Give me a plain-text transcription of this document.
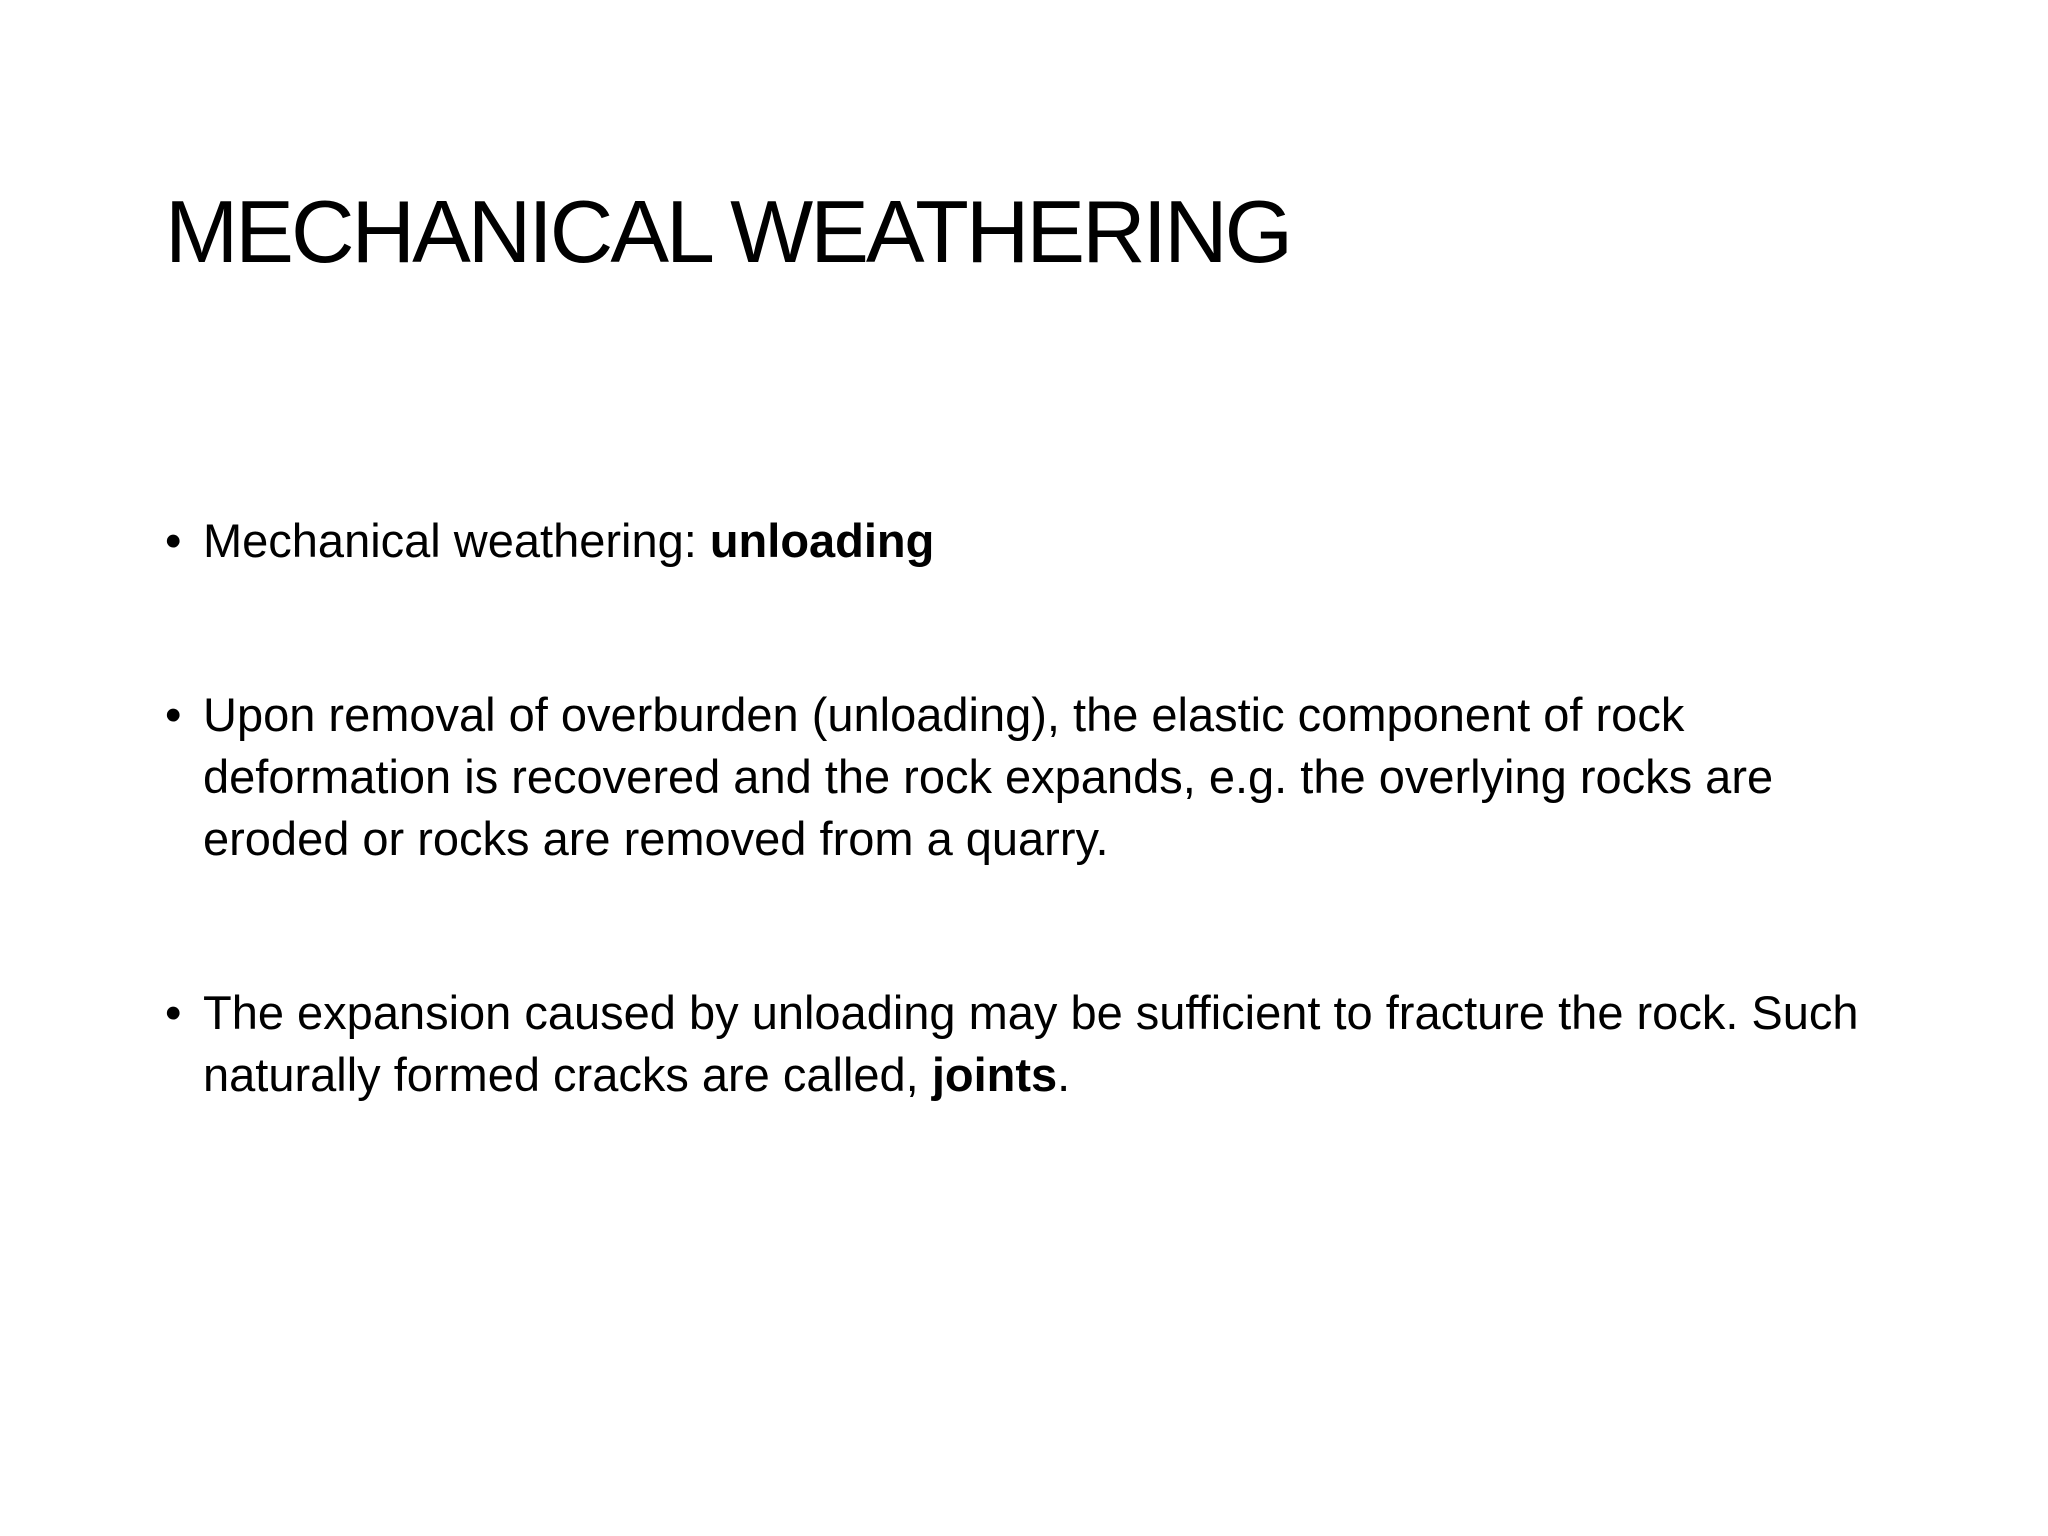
MECHANICAL WEATHERING
• Mechanical weathering: unloading
• Upon removal of overburden (unloading), the elastic component of rock deformation is recovered and the rock expands, e.g. the overlying rocks are eroded or rocks are removed from a quarry.
• The expansion caused by unloading may be sufficient to fracture the rock. Such naturally formed cracks are called, joints.
